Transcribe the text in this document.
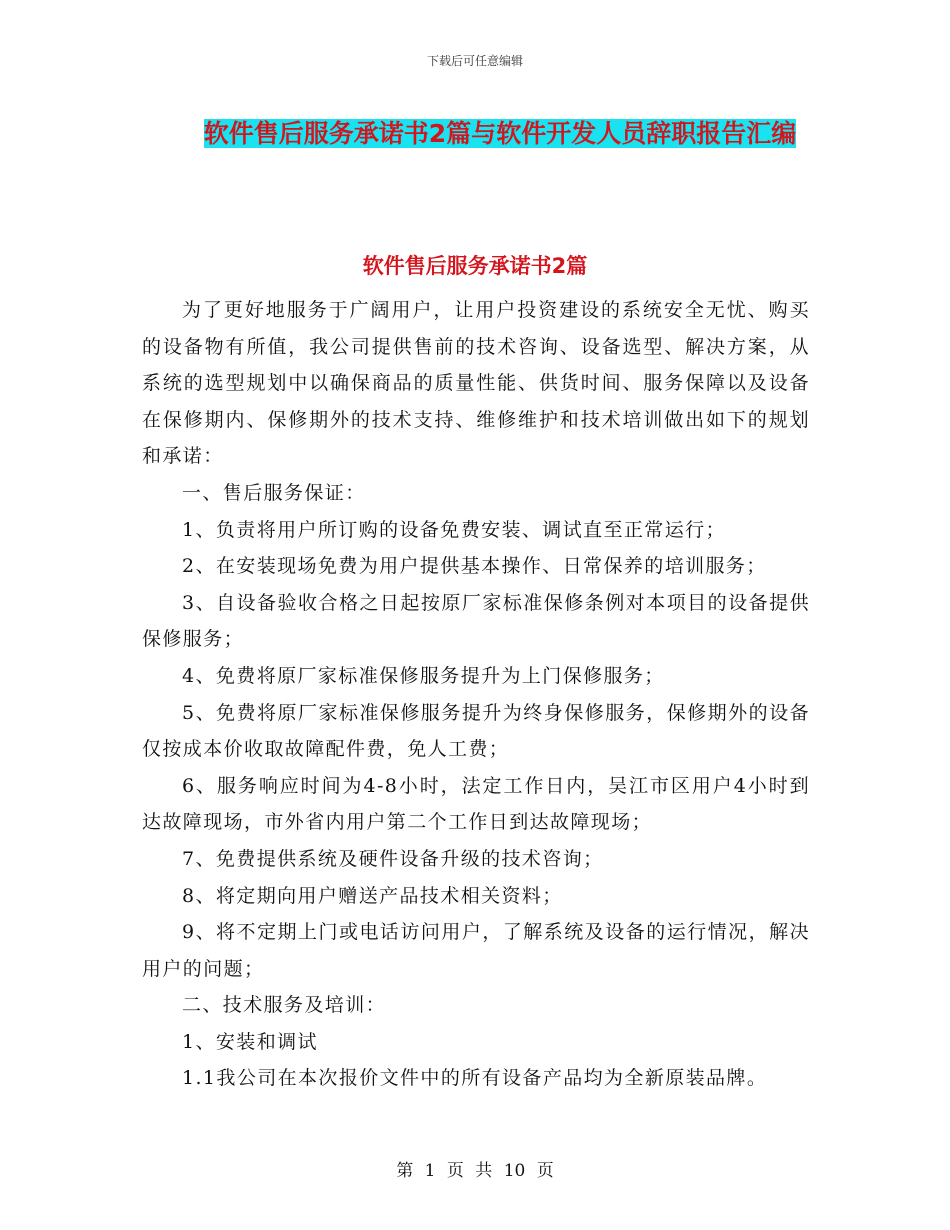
下载后可任意编辑
软件售后服务承诺书2篇与软件开发人员辞职报告汇编
软件售后服务承诺书2篇

为了更好地服务于广阔用户，让用户投资建设的系统安全无忧、购买的设备物有所值，我公司提供售前的技术咨询、设备选型、解决方案，从系统的选型规划中以确保商品的质量性能、供货时间、服务保障以及设备在保修期内、保修期外的技术支持、维修维护和技术培训做出如下的规划和承诺：

一、售后服务保证：

1、负责将用户所订购的设备免费安装、调试直至正常运行；

2、在安装现场免费为用户提供基本操作、日常保养的培训服务；

3、自设备验收合格之日起按原厂家标准保修条例对本项目的设备提供保修服务；

4、免费将原厂家标准保修服务提升为上门保修服务；

5、免费将原厂家标准保修服务提升为终身保修服务，保修期外的设备仅按成本价收取故障配件费，免人工费；

6、服务响应时间为4-8小时，法定工作日内，吴江市区用户4小时到达故障现场，市外省内用户第二个工作日到达故障现场；

7、免费提供系统及硬件设备升级的技术咨询；

8、将定期向用户赠送产品技术相关资料；

9、将不定期上门或电话访问用户，了解系统及设备的运行情况，解决用户的问题；

二、技术服务及培训：

1、安装和调试

1.1我公司在本次报价文件中的所有设备产品均为全新原装品牌。

第 1 页 共 10 页
